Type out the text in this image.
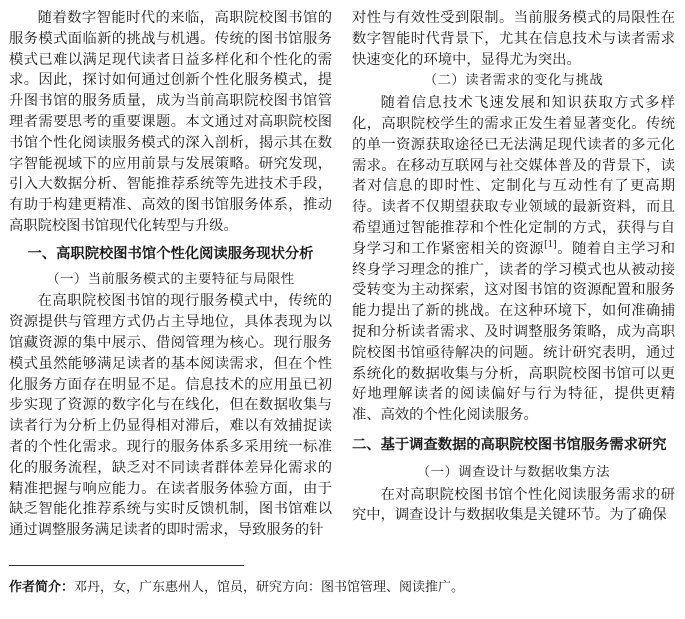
随着数字智能时代的来临，高职院校图书馆的服务模式面临新的挑战与机遇。传统的图书馆服务模式已难以满足现代读者日益多样化和个性化的需求。因此，探讨如何通过创新个性化服务模式，提升图书馆的服务质量，成为当前高职院校图书馆管理者需要思考的重要课题。本文通过对高职院校图书馆个性化阅读服务模式的深入剖析，揭示其在数字智能视域下的应用前景与发展策略。研究发现，引入大数据分析、智能推荐系统等先进技术手段，有助于构建更精准、高效的图书馆服务体系，推动高职院校图书馆现代化转型与升级。

一、高职院校图书馆个性化阅读服务现状分析
（一）当前服务模式的主要特征与局限性

在高职院校图书馆的现行服务模式中，传统的资源提供与管理方式仍占主导地位，具体表现为以馆藏资源的集中展示、借阅管理为核心。现行服务模式虽然能够满足读者的基本阅读需求，但在个性化服务方面存在明显不足。信息技术的应用虽已初步实现了资源的数字化与在线化，但在数据收集与读者行为分析上仍显得相对滞后，难以有效捕捉读者的个性化需求。现行的服务体系多采用统一标准化的服务流程，缺乏对不同读者群体差异化需求的精准把握与响应能力。在读者服务体验方面，由于缺乏智能化推荐系统与实时反馈机制，图书馆难以通过调整服务满足读者的即时需求，导致服务的针

对性与有效性受到限制。当前服务模式的局限性在数字智能时代背景下，尤其在信息技术与读者需求快速变化的环境中，显得尤为突出。

（二）读者需求的变化与挑战

随着信息技术飞速发展和知识获取方式多样化，高职院校学生的需求正发生着显著变化。传统的单一资源获取途径已无法满足现代读者的多元化需求。在移动互联网与社交媒体普及的背景下，读者对信息的即时性、定制化与互动性有了更高期待。读者不仅期望获取专业领域的最新资料，而且希望通过智能推荐和个性化定制的方式，获得与自身学习和工作紧密相关的资源[1]。随着自主学习和终身学习理念的推广，读者的学习模式也从被动接受转变为主动探索，这对图书馆的资源配置和服务能力提出了新的挑战。在这种环境下，如何准确捕捉和分析读者需求、及时调整服务策略，成为高职院校图书馆亟待解决的问题。统计研究表明，通过系统化的数据收集与分析，高职院校图书馆可以更好地理解读者的阅读偏好与行为特征，提供更精准、高效的个性化阅读服务。

二、基于调查数据的高职院校图书馆服务需求研究
（一）调查设计与数据收集方法

在对高职院校图书馆个性化阅读服务需求的研究中，调查设计与数据收集是关键环节。为了确保

作者简介：邓丹，女，广东惠州人，馆员，研究方向：图书馆管理、阅读推广。
